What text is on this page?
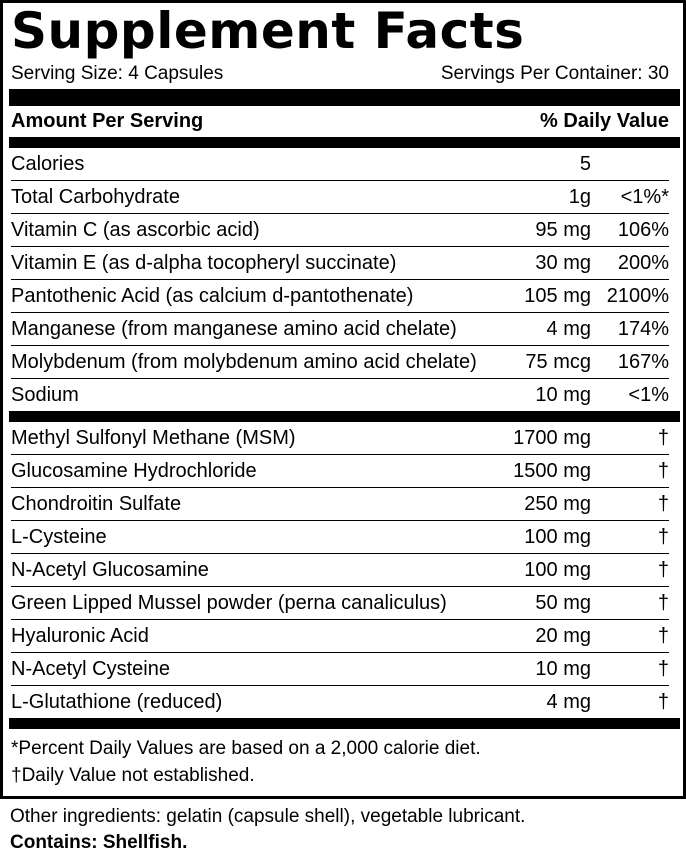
Supplement Facts
Serving Size: 4 Capsules	Servings Per Container: 30
Amount Per Serving	% Daily Value
Calories	5
Total Carbohydrate	1g	<1%*
Vitamin C (as ascorbic acid)	95 mg	106%
Vitamin E (as d-alpha tocopheryl succinate)	30 mg	200%
Pantothenic Acid (as calcium d-pantothenate)	105 mg 2100%
Manganese (from manganese amino acid chelate)	4 mg	174%
Molybdenum (from molybdenum amino acid chelate)	75 mcg	167%
Sodium	10 mg	<1%
Methyl Sulfonyl Methane (MSM)	1700 mg	†
Glucosamine Hydrochloride	1500 mg	†
Chondroitin Sulfate	250 mg	†
L-Cysteine	100 mg	†
N-Acetyl Glucosamine	100 mg	†
Green Lipped Mussel powder (perna canaliculus)	50 mg	†
Hyaluronic Acid	20 mg	†
N-Acetyl Cysteine	10 mg	†
L-Glutathione (reduced)	4 mg	†
*Percent Daily Values are based on a 2,000 calorie diet.
†Daily Value not established.
Other ingredients: gelatin (capsule shell), vegetable lubricant.
Contains: Shellfish.
